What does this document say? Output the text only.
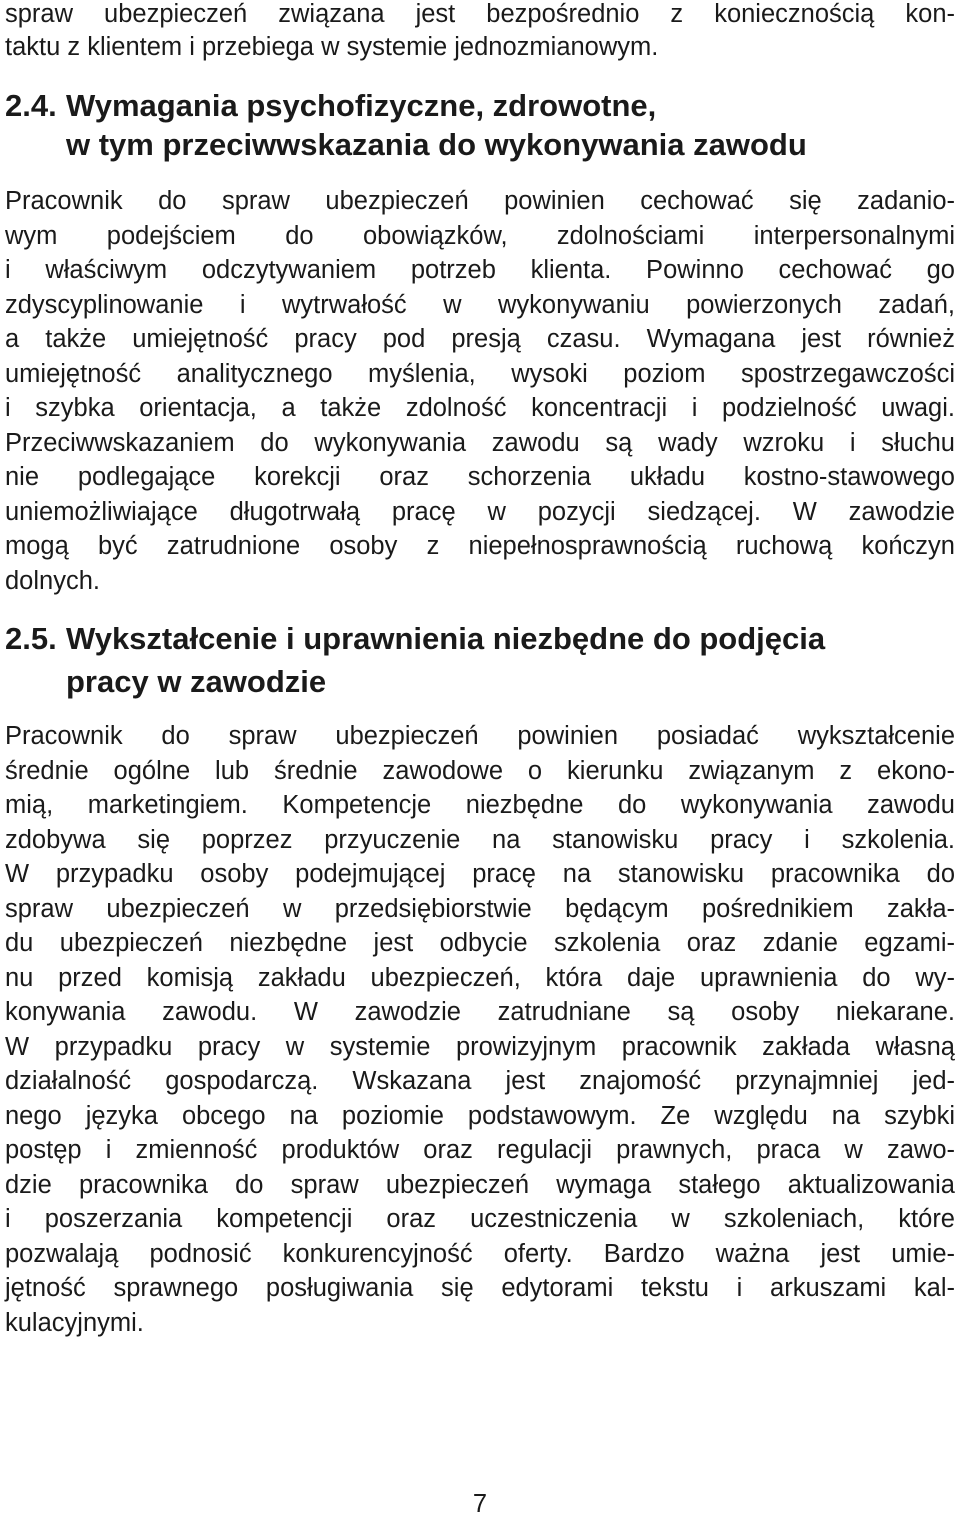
spraw ubezpieczeń związana jest bezpośrednio z koniecznością kon-
taktu z klientem i przebiega w systemie jednozmianowym.
2.4. Wymagania psychofizyczne, zdrowotne,
w tym przeciwwskazania do wykonywania zawodu
Pracownik do spraw ubezpieczeń powinien cechować się zadanio-
wym podejściem do obowiązków, zdolnościami interpersonalnymi
i właściwym odczytywaniem potrzeb klienta. Powinno cechować go
zdyscyplinowanie i wytrwałość w wykonywaniu powierzonych zadań,
a także umiejętność pracy pod presją czasu. Wymagana jest również
umiejętność analitycznego myślenia, wysoki poziom spostrzegawczości
i szybka orientacja, a także zdolność koncentracji i podzielność uwagi.
Przeciwwskazaniem do wykonywania zawodu są wady wzroku i słuchu
nie podlegające korekcji oraz schorzenia układu kostno-stawowego
uniemożliwiające długotrwałą pracę w pozycji siedzącej. W zawodzie
mogą być zatrudnione osoby z niepełnosprawnością ruchową kończyn
dolnych.
2.5. Wykształcenie i uprawnienia niezbędne do podjęcia
pracy w zawodzie
Pracownik do spraw ubezpieczeń powinien posiadać wykształcenie
średnie ogólne lub średnie zawodowe o kierunku związanym z ekono-
mią, marketingiem. Kompetencje niezbędne do wykonywania zawodu
zdobywa się poprzez przyuczenie na stanowisku pracy i szkolenia.
W przypadku osoby podejmującej pracę na stanowisku pracownika do
spraw ubezpieczeń w przedsiębiorstwie będącym pośrednikiem zakła-
du ubezpieczeń niezbędne jest odbycie szkolenia oraz zdanie egzami-
nu przed komisją zakładu ubezpieczeń, która daje uprawnienia do wy-
konywania zawodu. W zawodzie zatrudniane są osoby niekarane.
W przypadku pracy w systemie prowizyjnym pracownik zakłada własną
działalność gospodarczą. Wskazana jest znajomość przynajmniej jed-
nego języka obcego na poziomie podstawowym. Ze względu na szybki
postęp i zmienność produktów oraz regulacji prawnych, praca w zawo-
dzie pracownika do spraw ubezpieczeń wymaga stałego aktualizowania
i poszerzania kompetencji oraz uczestniczenia w szkoleniach, które
pozwalają podnosić konkurencyjność oferty. Bardzo ważna jest umie-
jętność sprawnego posługiwania się edytorami tekstu i arkuszami kal-
kulacyjnymi.
7
